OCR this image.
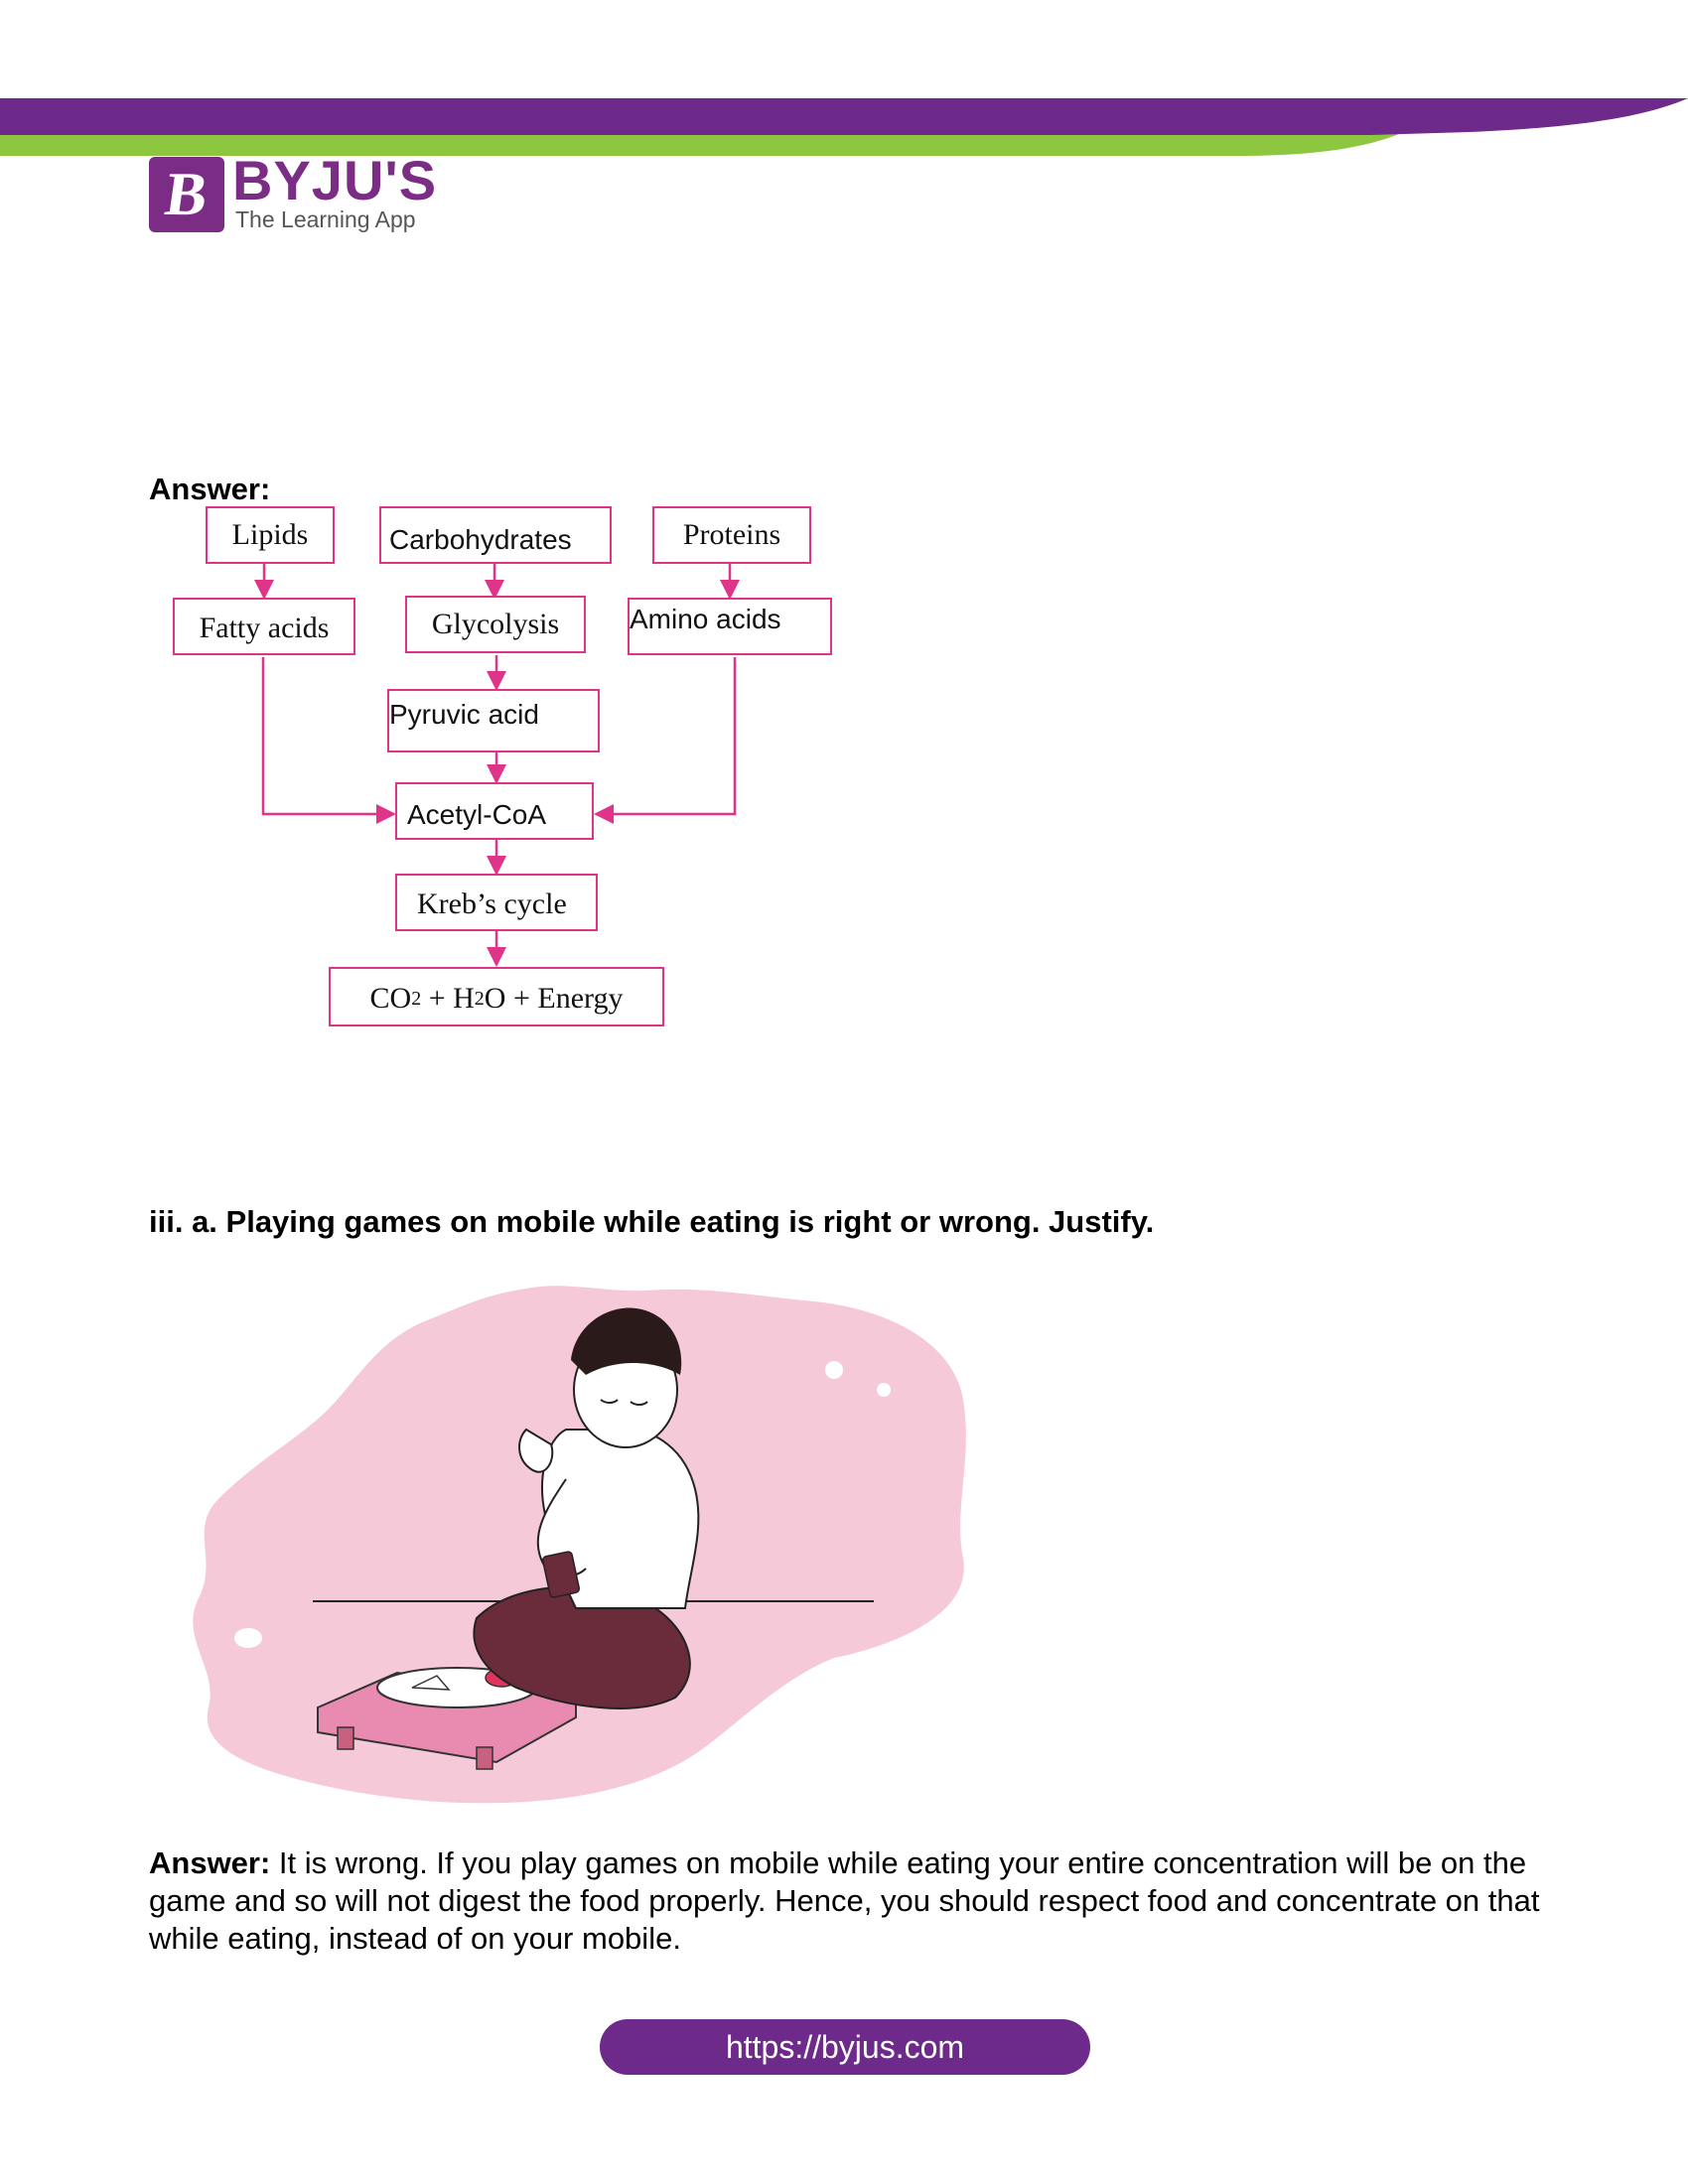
B BYJU'S
The Learning App
Answer:
Lipids	Carbohydrates	Proteins
Fatty acids	Glycolysis	Amino acids
Pyruvic acid
Acetyl-CoA
Kreb’s cycle
CO 2 + H 2 O + Energy
iii. a. Playing games on mobile while eating is right or wrong. Justify.
Answer: It is wrong. If you play games on mobile while eating your entire concentration will be on the game and so will not digest the food properly. Hence, you should respect food and concentrate on that while eating, instead of on your mobile.
https://byjus.com
